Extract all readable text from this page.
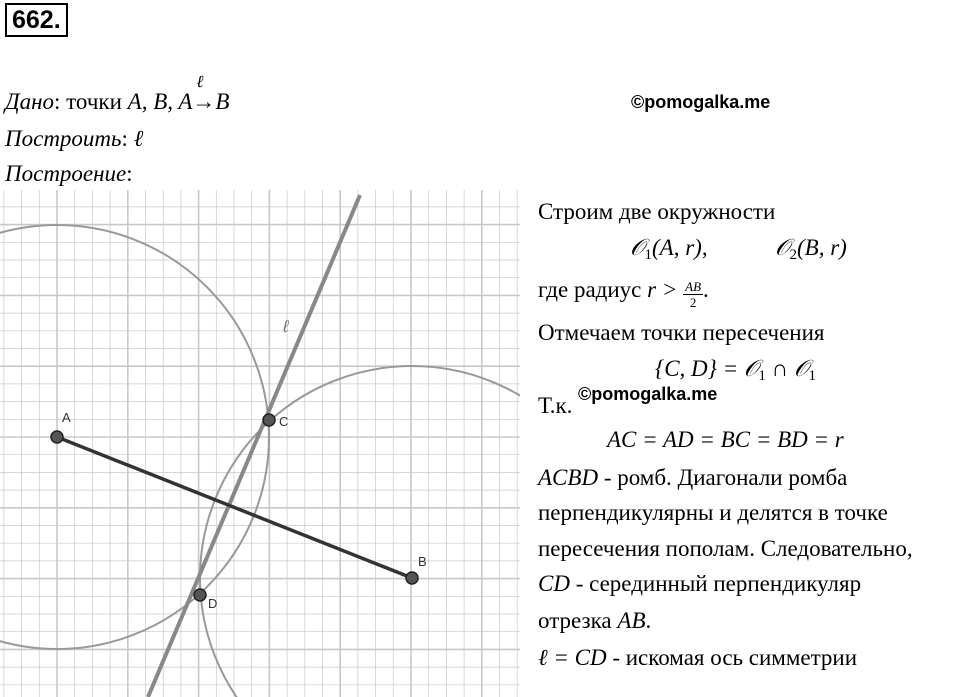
662.
Дано: точки A, B, A
ℓ
→B	©pomogalka.me
Построить: ℓ
Построение:
A
B
C
D
ℓ
Строим две окружности
𝒪$_1$(A, r),	𝒪$_2$(B, r)
где радиус $r > \frac{AB}{2}$ .
Отмечаем точки пересечения
{C, D} = 𝒪$_1$ ∩ 𝒪$_1$
Т.к. ©pomogalka.me
AC = AD = BC = BD = r
ACBD - ромб. Диагонали ромба
перпендикулярны и делятся в точке
пересечения пополам. Следовательно,
CD - серединный перпендикуляр
отрезка AB.
ℓ = CD - искомая ось симметрии
